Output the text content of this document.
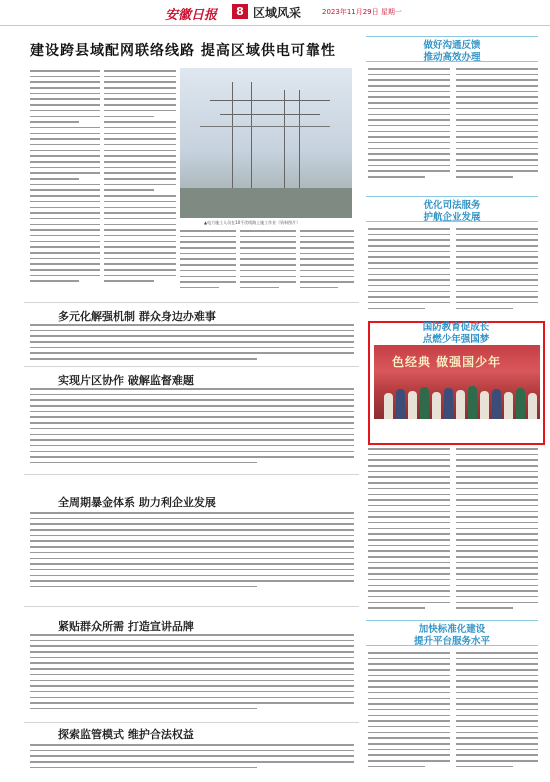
安徽日报	8 区域风采	2023年11月29日 星期一
建设跨县域配网联络线路 提高区域供电可靠性
▲电力施工人员在10千伏线路上施工作业（资料图片）
多元化解强机制 群众身边办难事
实现片区协作 破解监督难题
全周期暴金体系 助力利企业发展
紧贴群众所需 打造宣讲品牌
探索监管模式 维护合法权益
做好沟通反馈
推动高效办理
优化司法服务
护航企业发展
加快标准化建设
提升平台服务水平
国防教育促成长
点燃少年强国梦
色经典 做强国少年
